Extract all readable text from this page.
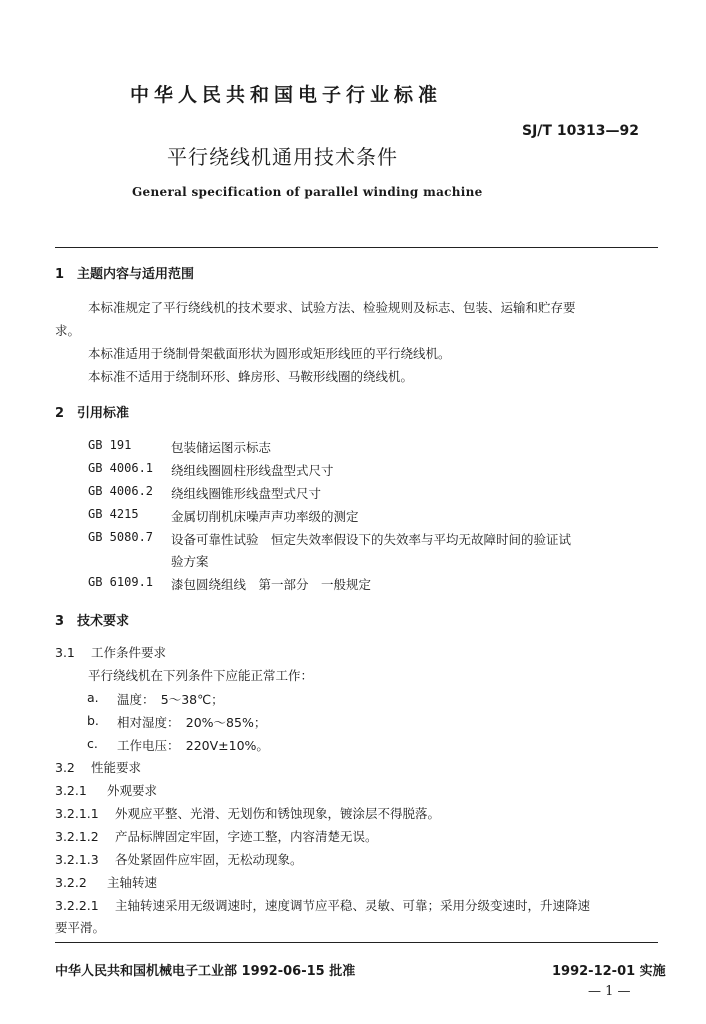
中华人民共和国电子行业标准
SJ/T 10313—92
平行绕线机通用技术条件
General specification of parallel winding machine
1 主题内容与适用范围
本标准规定了平行绕线机的技术要求、试验方法、检验规则及标志、包装、运输和贮存要
求。
本标准适用于绕制骨架截面形状为圆形或矩形线匝的平行绕线机。
本标准不适用于绕制环形、蜂房形、马鞍形线圈的绕线机。
2 引用标准
GB 191	包装储运图示标志
GB 4006.1 绕组线圈圆柱形线盘型式尺寸
GB 4006.2 绕组线圈锥形线盘型式尺寸
GB 4215	金属切削机床噪声声功率级的测定
GB 5080.7 设备可靠性试验　恒定失效率假设下的失效率与平均无故障时间的验证试
验方案
GB 6109.1 漆包圆绕组线　第一部分　一般规定
3 技术要求
3.1 工作条件要求
平行绕线机在下列条件下应能正常工作：
a. 温度：　5～38℃；
b. 相对湿度：　20%～85%；
c. 工作电压：　220V±10%。
3.2 性能要求
3.2.1 外观要求
3.2.1.1 外观应平整、光滑、无划伤和锈蚀现象，镀涂层不得脱落。
3.2.1.2 产品标牌固定牢固，字迹工整，内容清楚无误。
3.2.1.3 各处紧固件应牢固，无松动现象。
3.2.2 主轴转速
3.2.2.1 主轴转速采用无级调速时，速度调节应平稳、灵敏、可靠；采用分级变速时，升速降速
要平滑。
中华人民共和国机械电子工业部 1992-06-15 批准	1992-12-01 实施
— 1 —
